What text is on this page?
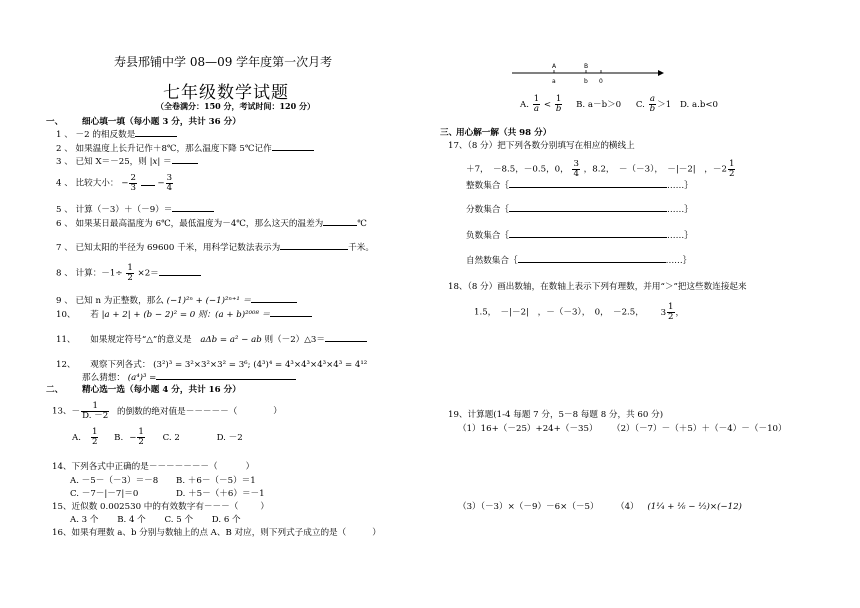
寿县邢铺中学 08—09 学年度第一次月考
七年级数学试题
（全卷满分：150 分，考试时间：120 分）
一、 细心填一填（每小题 3 分，共计 36 分）
1 、 －2 的相反数是
2 、 如果温度上长升记作＋8℃，那么温度下降 5℃记作
3 、 已知 X＝－25，则 |x| ＝
4 、 比较大小： − $\frac{2}{3} - \frac{3}{4}$
5 、 计算（－3）＋（－9）＝
6 、 如果某日最高温度为 6℃，最低温度为－4℃，那么这天的温差为	℃
7 、 已知太阳的半径为 69600 千米，用科学记数法表示为	千米。
8 、 计算：$-1\div \frac{1}{2} \times 2=$
9 、 已知 n 为正整数，那么 (−1)²ⁿ + (−1)²ⁿ⁺¹ ＝
10、 若 |a + 2| + (b − 2)² = 0 则：(a + b)²⁰⁰⁸ ＝
11、 如果规定符号“△”的意义是 aΔb = a² − ab 则（－2）△3＝
12、 观察下列各式： (3²)³ = 3²×3²×3² = 3⁶; (4³)⁴ = 4³×4³×4³×4³ = 4¹²
那么猜想： (a⁴)³ =
二、 精心选一选（每小题 4 分，共计 16 分）
13、－ $\frac{1}{D. -2}$ 的倒数的绝对值是－－－－－（	）
A. $\frac{1}{2} B$. − $\frac{1}{2} C$. 2	D. －2
14、下列各式中正确的是－－－－－－－（	）
A. －5－（－3）＝－8 B. ＋6－（－5）＝1
C. －7－|－7|＝0	D. ＋5－（＋6）＝－1
15、近似数 0.002530 中的有效数字有－－－（	）
A. 3 个 B. 4 个 C. 5 个 D. 6 个
16、如果有理数 a、b 分别与数轴上的点 A、B 对应，则下列式子成立的是（	）
A	B
a	b 0
A. $\frac{1}{a} < \frac{1}{b} B$. a－b＞0 C. $\frac{a}{b} >1$ D. a.b<0
三、
用心解一解（共 98 分）
17、（8 分）把下列各数分别填写在相应的横线上
＋7，　－8.5，－0.5，0， $\frac{3}{4}$ ，8.2，　－（－3），　－|－2|　，$-2 \frac{1}{2}$
整数集合｛	……｝
分数集合｛	……｝
负数集合｛	……｝
自然数集合｛	……｝
18、（8 分）画出数轴，在数轴上表示下列有理数，并用“＞”把这些数连接起来
1.5，　－|－2|　，－（－3），　0，　－2.5， $3 \frac{1}{2}$ ，
19、计算题(1-4 每题 7 分，5－8 每题 8 分，共 60 分)
（1）16+（－25）+24+（－35） （2）（－7）－（＋5）＋（－4）－（－10）
（3）（－3）×（－9）－6×（－5） （4） (1¹⁄₄ + ¹⁄₆ − ¹⁄₂)×(−12)
